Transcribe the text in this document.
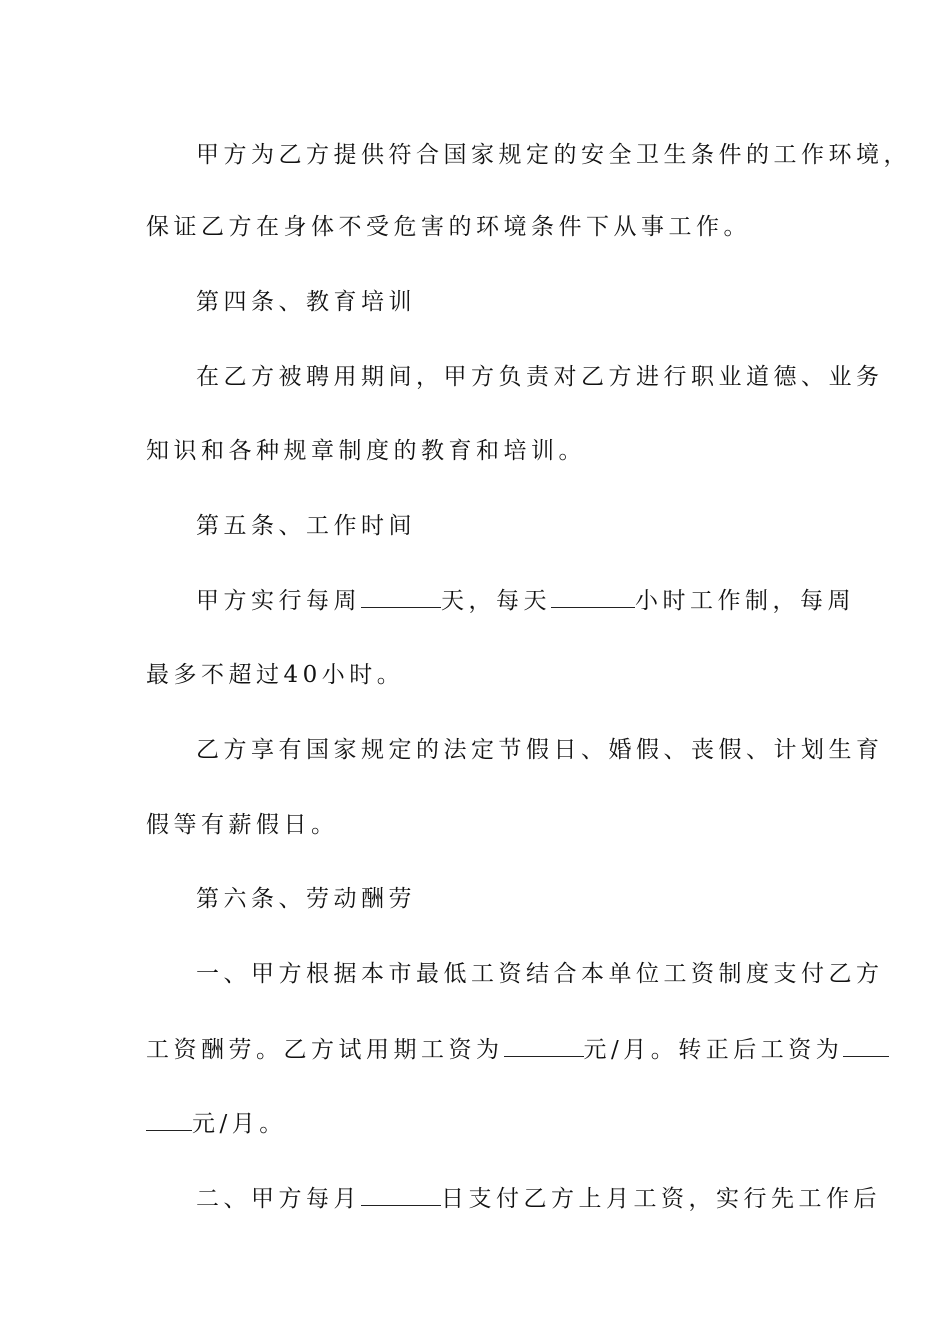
甲方为乙方提供符合国家规定的安全卫生条件的工作环境，
保证乙方在身体不受危害的环境条件下从事工作。
第四条、教育培训
在乙方被聘用期间，甲方负责对乙方进行职业道德、业务
知识和各种规章制度的教育和培训。
第五条、工作时间
甲方实行每周	天，每天	小时工作制，每周
最多不超过40小时。
乙方享有国家规定的法定节假日、婚假、丧假、计划生育
假等有薪假日。
第六条、劳动酬劳
一、甲方根据本市最低工资结合本单位工资制度支付乙方
工资酬劳。乙方试用期工资为	元/月。转正后工资为
元/月。
二、甲方每月	日支付乙方上月工资，实行先工作后
